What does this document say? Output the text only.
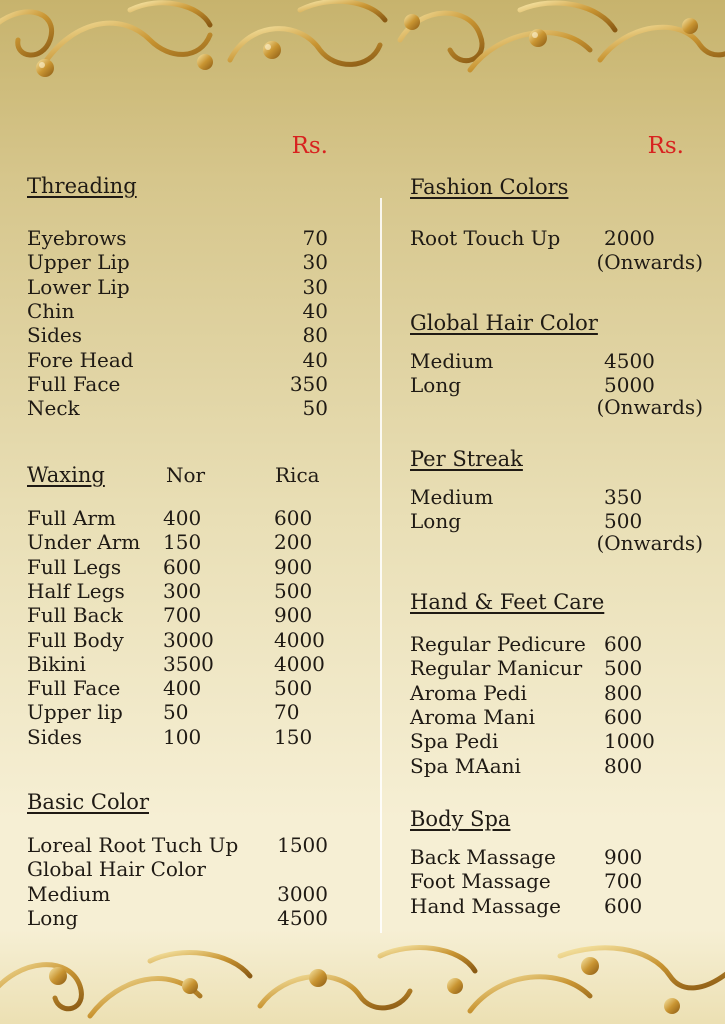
Rs.
Threading
Eyebrows	70
Upper Lip	30
Lower Lip	30
Chin	40
Sides	80
Fore Head	40
Full Face	350
Neck	50
Waxing	Nor	Rica
Full Arm 400	600
Under Arm 150	200
Full Legs 600	900
Half Legs 300	500
Full Back 700	900
Full Body 3000	4000
Bikini	3500	4000
Full Face 400	500
Upper lip 50	70
Sides	100	150
Basic Color
Loreal Root Tuch Up 1500
Global Hair Color
Medium	3000
Long	4500
Rs.
Fashion Colors
Root Touch Up 2000
(Onwards)
Global Hair Color
Medium	4500
Long	5000
(Onwards)
Per Streak
Medium	350
Long	500
(Onwards)
Hand & Feet Care
Regular Pedicure 600
Regular Manicur 500
Aroma Pedi	800
Aroma Mani	600
Spa Pedi	1000
Spa MAani	800
Body Spa
Back Massage 900
Foot Massage	700
Hand Massage 600
